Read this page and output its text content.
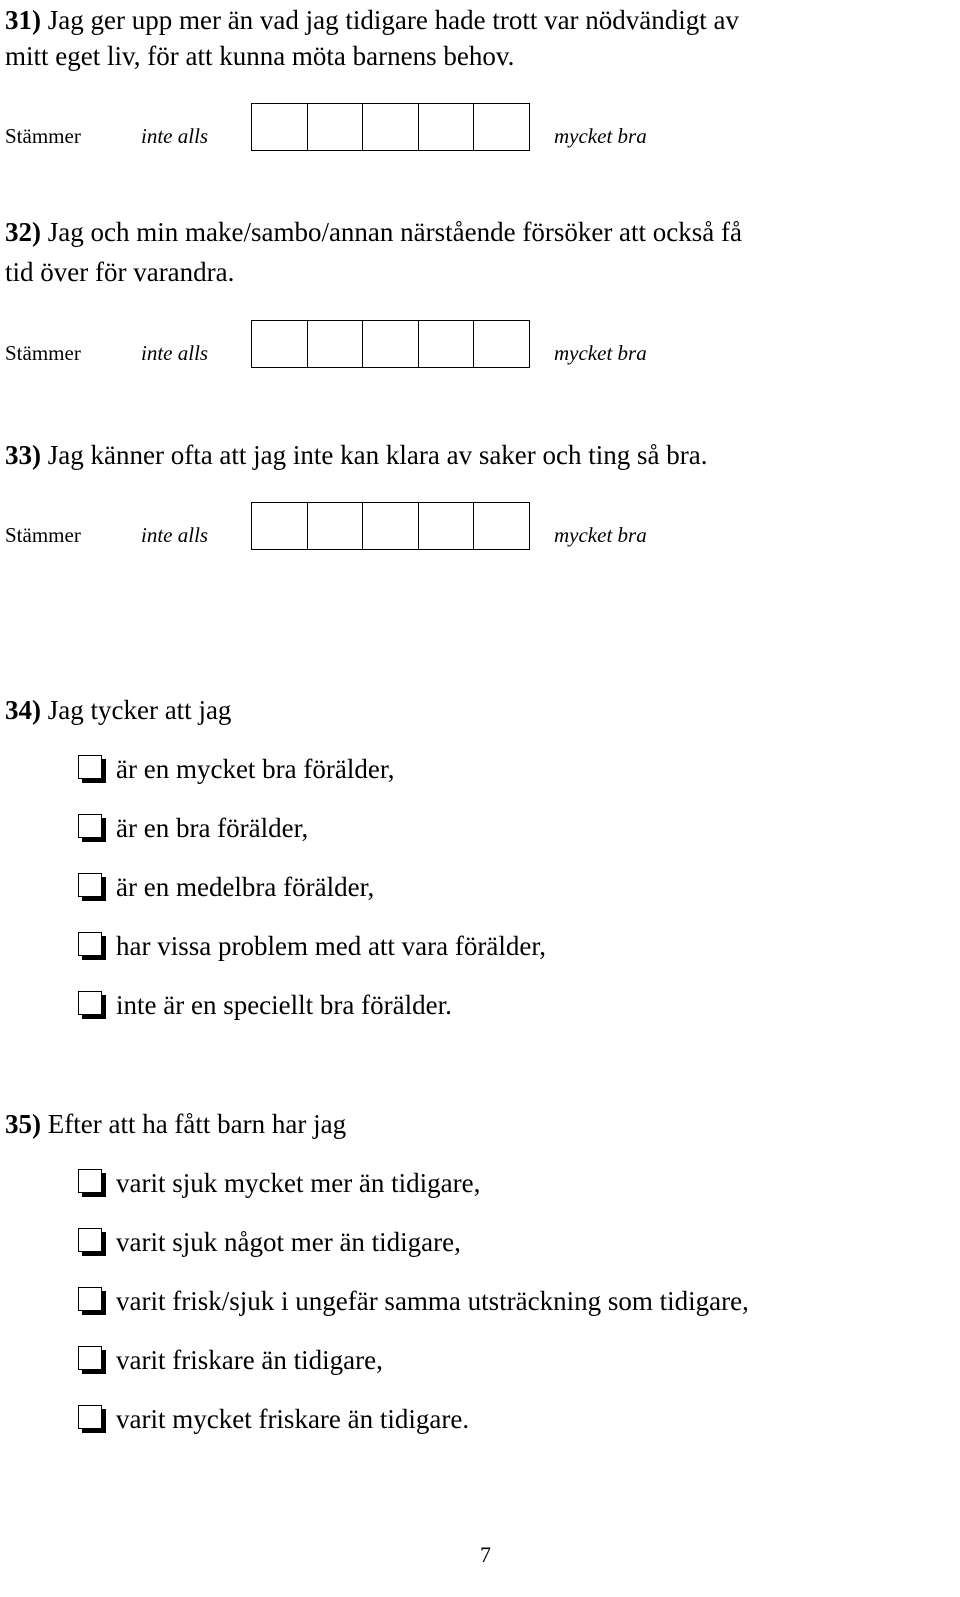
31) Jag ger upp mer än vad jag tidigare hade trott var nödvändigt av

mitt eget liv, för att kunna möta barnens behov.

Stämmer	inte alls	mycket bra

32) Jag och min make/sambo/annan närstående försöker att också få

tid över för varandra.

Stämmer	inte alls	mycket bra

33) Jag känner ofta att jag inte kan klara av saker och ting så bra.

Stämmer	inte alls	mycket bra

34) Jag tycker att jag

är en mycket bra förälder,
är en bra förälder,
är en medelbra förälder,
har vissa problem med att vara förälder,
inte är en speciellt bra förälder.

35) Efter att ha fått barn har jag

varit sjuk mycket mer än tidigare,
varit sjuk något mer än tidigare,
varit frisk/sjuk i ungefär samma utsträckning som tidigare,
varit friskare än tidigare,
varit mycket friskare än tidigare.
7
